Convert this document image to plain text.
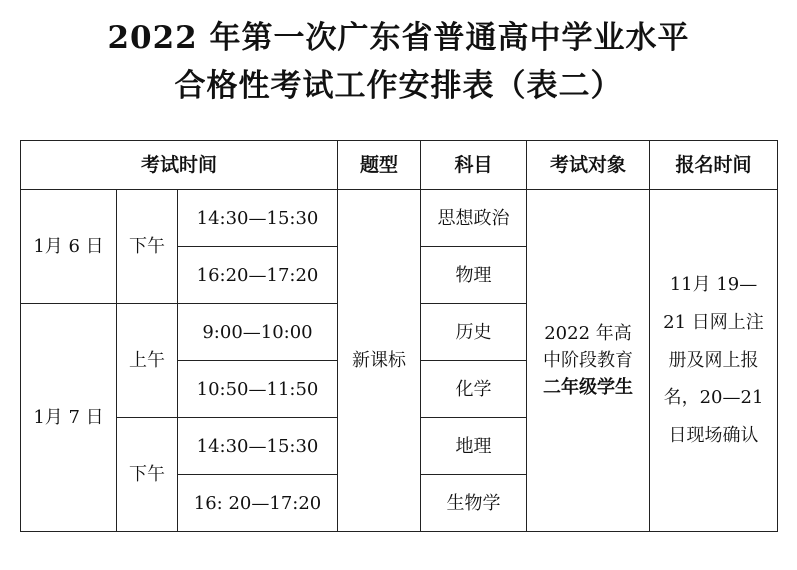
2022 年第一次广东省普通高中学业水平
合格性考试工作安排表（表二）
考试时间			题型	科目	考试对象	报名时间
1月 6 日	下午	14:30—15:30	新课标	思想政治	2022 年高中阶段教育二年级学生	11月 19—21 日网上注册及网上报名，20—21 日现场确认
		16:20—17:20		物理		
1月 7 日	上午	9:00—10:00		历史		
		10:50—11:50		化学		
	下午	14:30—15:30		地理		
		16: 20—17:20		生物学		
